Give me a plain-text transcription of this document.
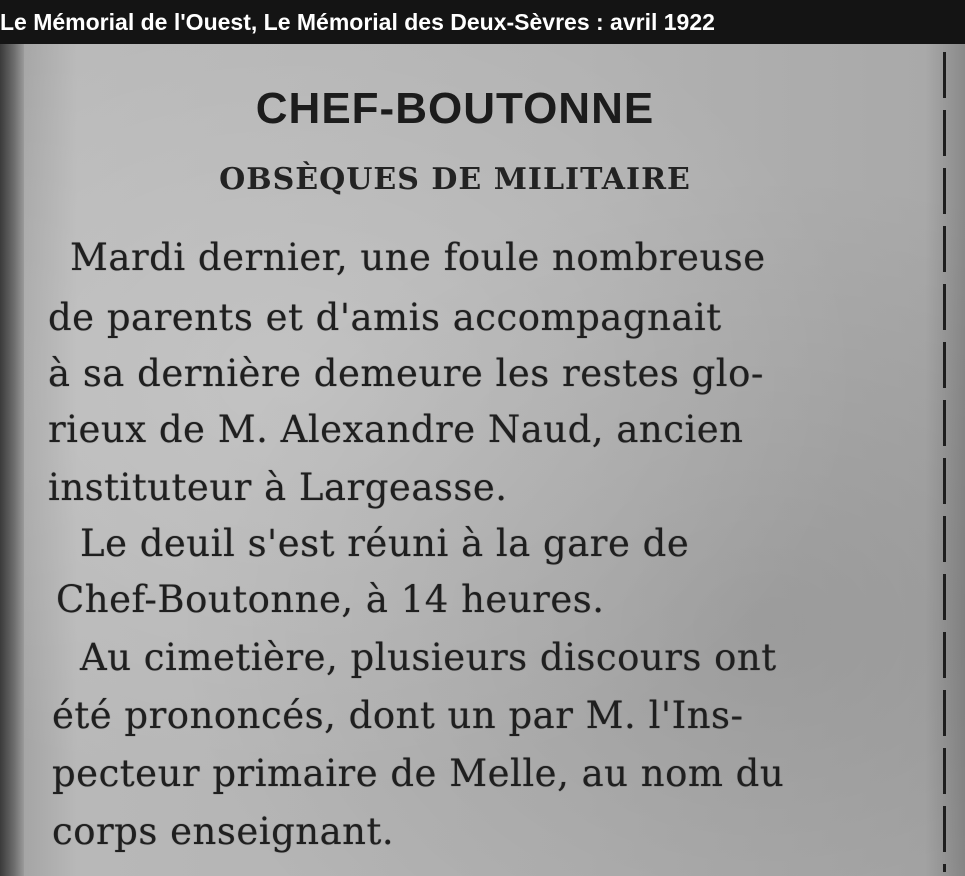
Le Mémorial de l'Ouest, Le Mémorial des Deux-Sèvres : avril 1922
CHEF-BOUTONNE
OBSÈQUES DE MILITAIRE
Mardi dernier, une foule nombreuse
de parents et d'amis accompagnait
à sa dernière demeure les restes glo-
rieux de M. Alexandre Naud, ancien
instituteur à Largeasse.
Le deuil s'est réuni à la gare de
Chef-Boutonne, à 14 heures.
Au cimetière, plusieurs discours ont
été prononcés, dont un par M. l'Ins-
pecteur primaire de Melle, au nom du
corps enseignant.
